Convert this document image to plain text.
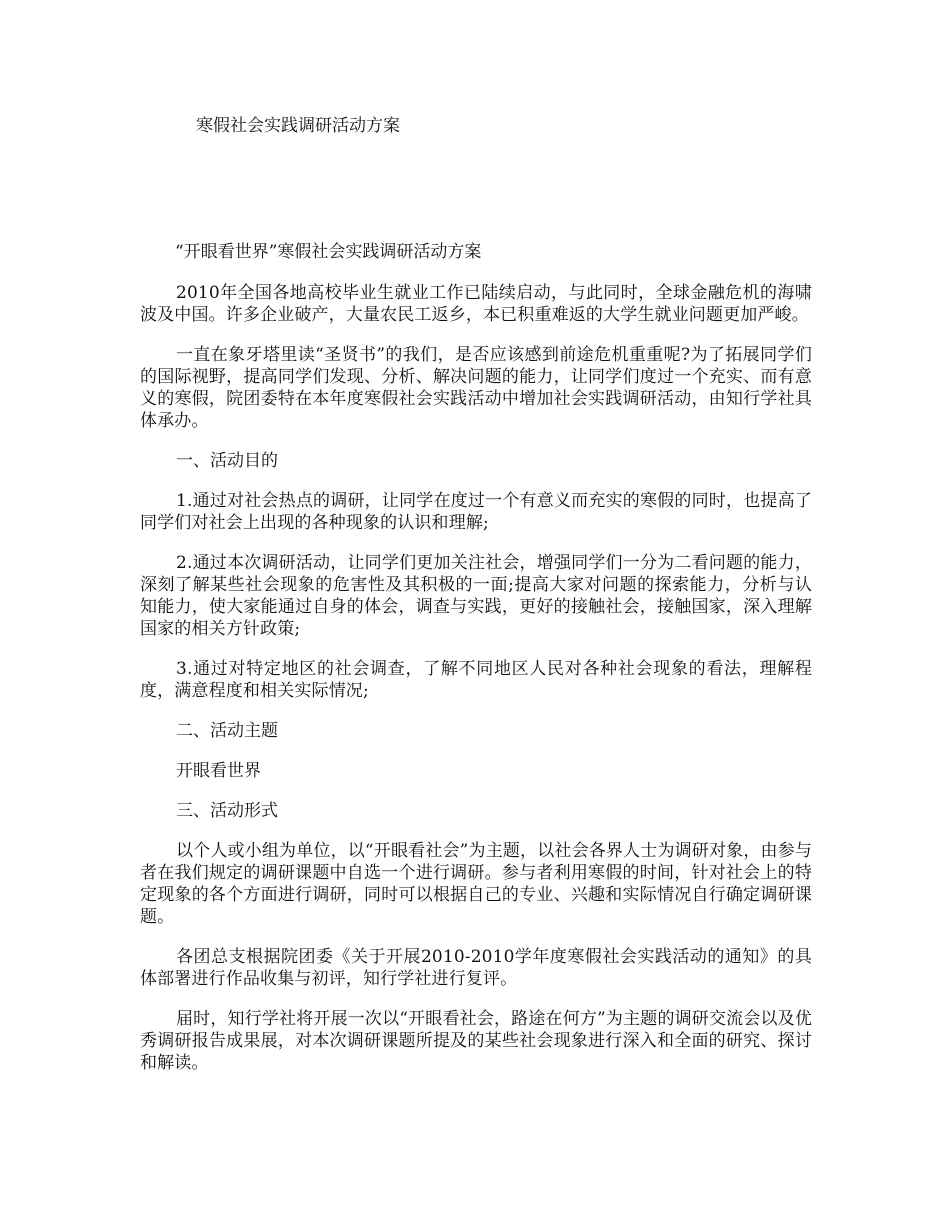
寒假社会实践调研活动方案
“开眼看世界”寒假社会实践调研活动方案

2010年全国各地高校毕业生就业工作已陆续启动，与此同时，全球金融危机的海啸波及中国。许多企业破产，大量农民工返乡，本已积重难返的大学生就业问题更加严峻。

一直在象牙塔里读“圣贤书”的我们，是否应该感到前途危机重重呢?为了拓展同学们的国际视野，提高同学们发现、分析、解决问题的能力，让同学们度过一个充实、而有意义的寒假，院团委特在本年度寒假社会实践活动中增加社会实践调研活动，由知行学社具体承办。

一、活动目的

1.通过对社会热点的调研，让同学在度过一个有意义而充实的寒假的同时，也提高了同学们对社会上出现的各种现象的认识和理解;

2.通过本次调研活动，让同学们更加关注社会，增强同学们一分为二看问题的能力，深刻了解某些社会现象的危害性及其积极的一面;提高大家对问题的探索能力，分析与认知能力，使大家能通过自身的体会，调查与实践，更好的接触社会，接触国家，深入理解国家的相关方针政策;

3.通过对特定地区的社会调查，了解不同地区人民对各种社会现象的看法，理解程度，满意程度和相关实际情况;

二、活动主题
开眼看世界
三、活动形式

以个人或小组为单位，以“开眼看社会”为主题，以社会各界人士为调研对象，由参与者在我们规定的调研课题中自选一个进行调研。参与者利用寒假的时间，针对社会上的特定现象的各个方面进行调研，同时可以根据自己的专业、兴趣和实际情况自行确定调研课题。

各团总支根据院团委《关于开展2010-2010学年度寒假社会实践活动的通知》的具体部署进行作品收集与初评，知行学社进行复评。

届时，知行学社将开展一次以“开眼看社会，路途在何方”为主题的调研交流会以及优秀调研报告成果展，对本次调研课题所提及的某些社会现象进行深入和全面的研究、探讨和解读。
